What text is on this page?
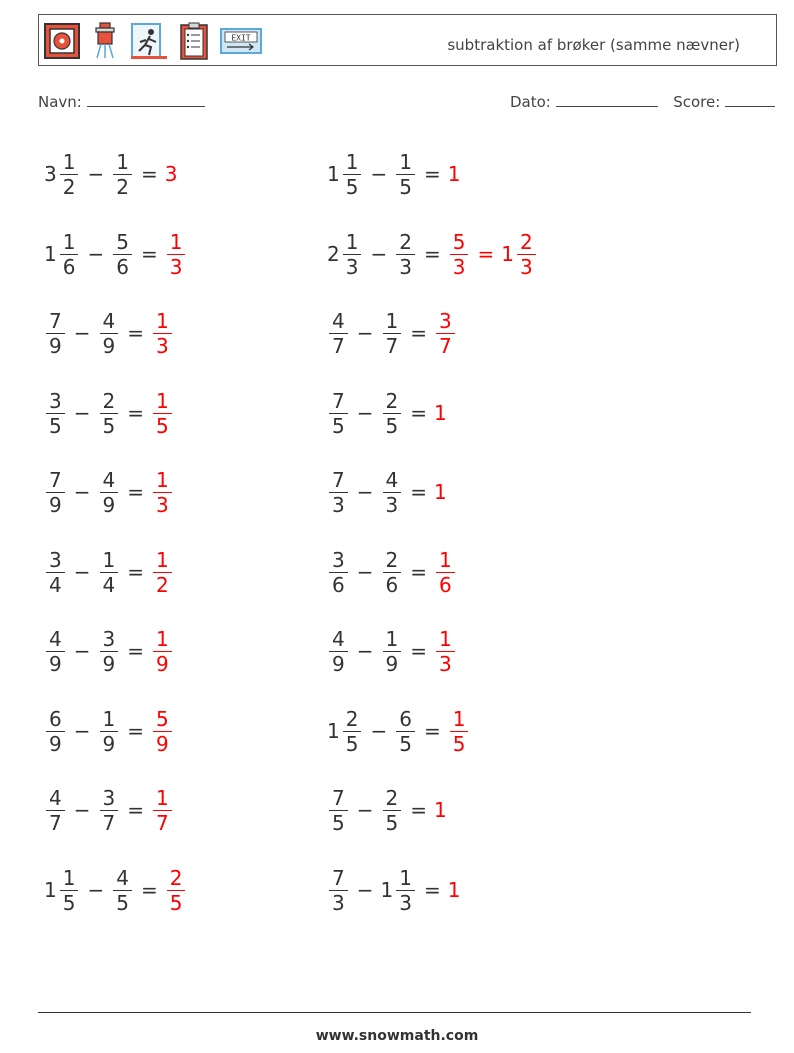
EXIT	subtraktion af brøker (samme nævner)
Navn:	Dato:	Score:
$3 \frac{1}{2} - \frac{1}{2} = 3$
$1 \frac{1}{6} - \frac{5}{6} = \frac{1}{3}$
$\frac{7}{9} - \frac{4}{9} = \frac{1}{3}$
$\frac{3}{5} - \frac{2}{5} = \frac{1}{5}$
$\frac{7}{9} - \frac{4}{9} = \frac{1}{3}$
$\frac{3}{4} - \frac{1}{4} = \frac{1}{2}$
$\frac{4}{9} - \frac{3}{9} = \frac{1}{9}$
$\frac{6}{9} - \frac{1}{9} = \frac{5}{9}$
$\frac{4}{7} - \frac{3}{7} = \frac{1}{7}$
$1 \frac{1}{5} - \frac{4}{5} = \frac{2}{5}$
$1 \frac{1}{5} - \frac{1}{5} = 1$
$2 \frac{1}{3} - \frac{2}{3} = \frac{5}{3} = 1 \frac{2}{3}$
$\frac{4}{7} - \frac{1}{7} = \frac{3}{7}$
$\frac{7}{5} - \frac{2}{5} = 1$
$\frac{7}{3} - \frac{4}{3} = 1$
$\frac{3}{6} - \frac{2}{6} = \frac{1}{6}$
$\frac{4}{9} - \frac{1}{9} = \frac{1}{3}$
$1 \frac{2}{5} - \frac{6}{5} = \frac{1}{5}$
$\frac{7}{5} - \frac{2}{5} = 1$
$\frac{7}{3} - 1 \frac{1}{3} = 1$
www.snowmath.com
